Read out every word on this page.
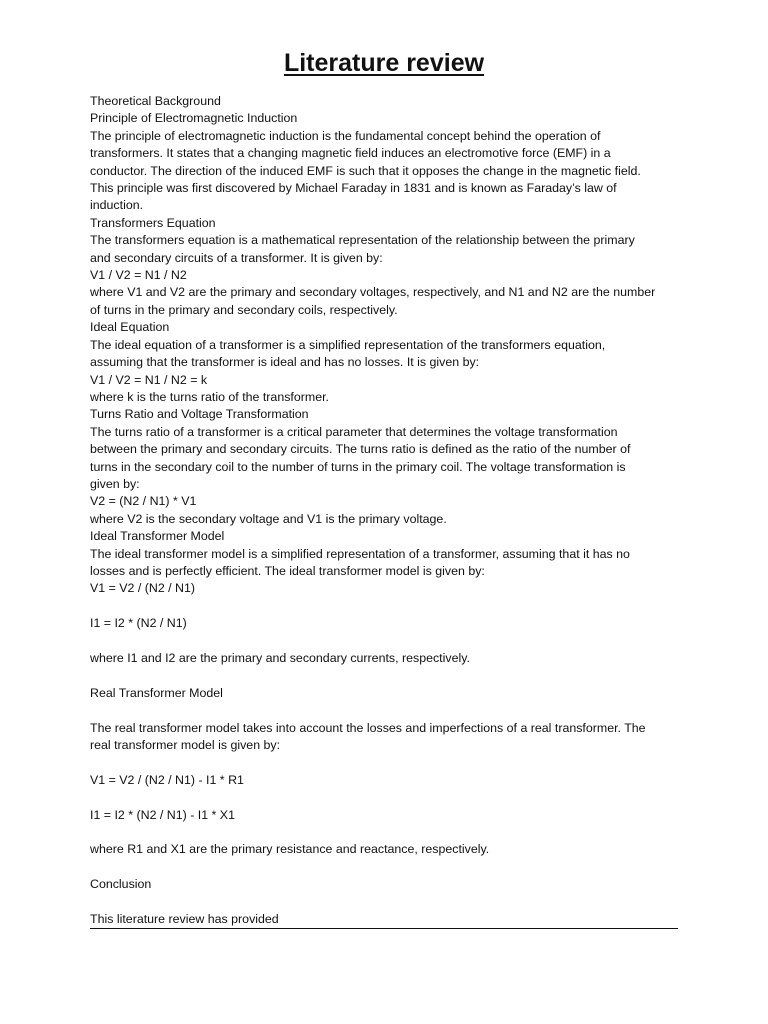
Literature review

Theoretical Background

Principle of Electromagnetic Induction

The principle of electromagnetic induction is the fundamental concept behind the operation of

transformers. It states that a changing magnetic field induces an electromotive force (EMF) in a

conductor. The direction of the induced EMF is such that it opposes the change in the magnetic field.

This principle was first discovered by Michael Faraday in 1831 and is known as Faraday’s law of

induction.

Transformers Equation

The transformers equation is a mathematical representation of the relationship between the primary

and secondary circuits of a transformer. It is given by:

V1 / V2 = N1 / N2

where V1 and V2 are the primary and secondary voltages, respectively, and N1 and N2 are the number

of turns in the primary and secondary coils, respectively.

Ideal Equation

The ideal equation of a transformer is a simplified representation of the transformers equation,

assuming that the transformer is ideal and has no losses. It is given by:

V1 / V2 = N1 / N2 = k

where k is the turns ratio of the transformer.

Turns Ratio and Voltage Transformation

The turns ratio of a transformer is a critical parameter that determines the voltage transformation

between the primary and secondary circuits. The turns ratio is defined as the ratio of the number of

turns in the secondary coil to the number of turns in the primary coil. The voltage transformation is

given by:

V2 = (N2 / N1) * V1

where V2 is the secondary voltage and V1 is the primary voltage.

Ideal Transformer Model

The ideal transformer model is a simplified representation of a transformer, assuming that it has no

losses and is perfectly efficient. The ideal transformer model is given by:

V1 = V2 / (N2 / N1)

I1 = I2 * (N2 / N1)

where I1 and I2 are the primary and secondary currents, respectively.

Real Transformer Model

The real transformer model takes into account the losses and imperfections of a real transformer. The

real transformer model is given by:

V1 = V2 / (N2 / N1) - I1 * R1

I1 = I2 * (N2 / N1) - I1 * X1

where R1 and X1 are the primary resistance and reactance, respectively.

Conclusion

This literature review has provided
